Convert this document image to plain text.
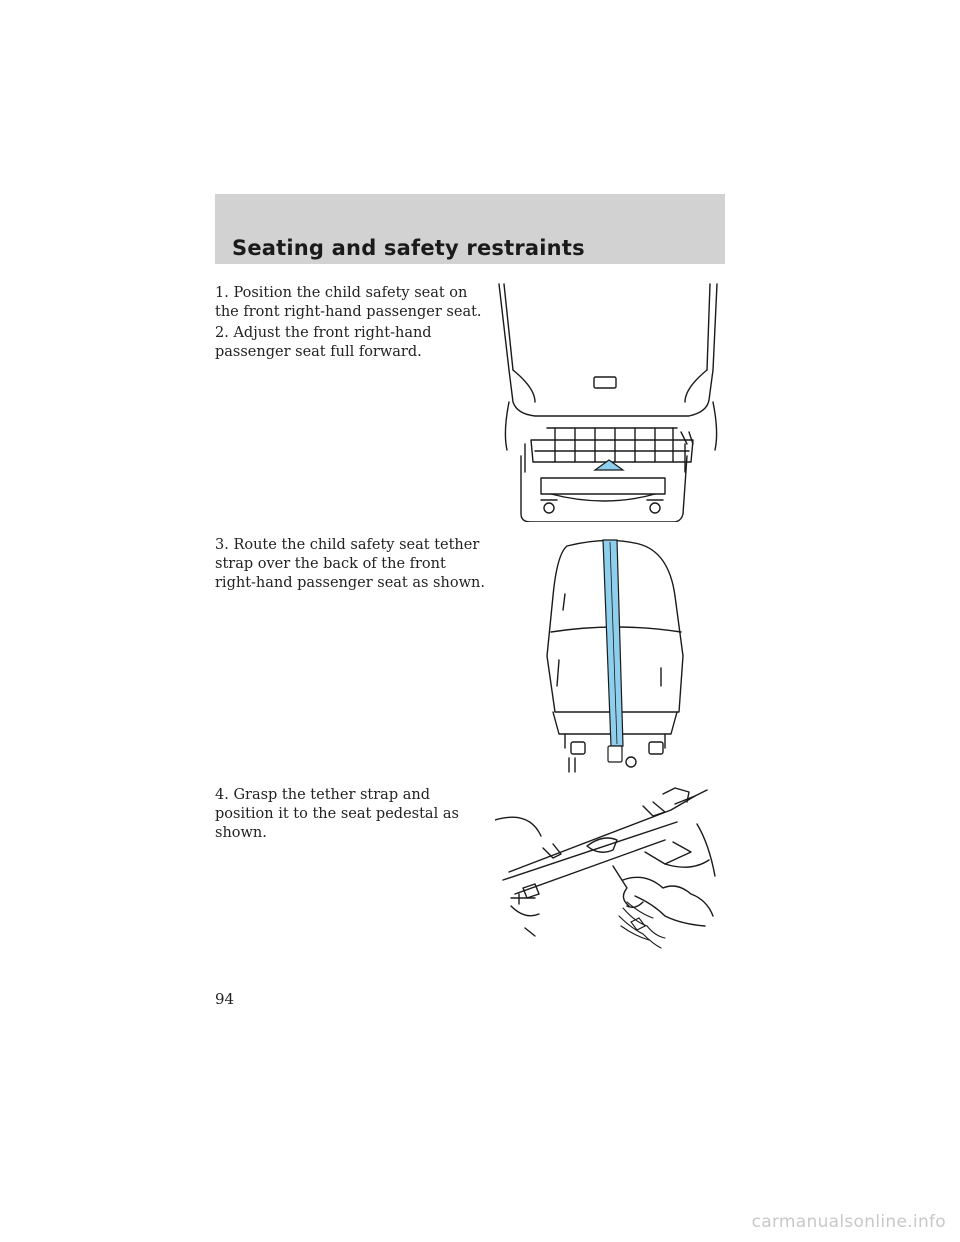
Seating and safety restraints

1. Position the child safety seat on the front right-hand passenger seat.

2. Adjust the front right-hand passenger seat full forward.

3. Route the child safety seat tether strap over the back of the front right-hand passenger seat as shown.

4. Grasp the tether strap and position it to the seat pedestal as shown.

94

carmanualsonline.info
